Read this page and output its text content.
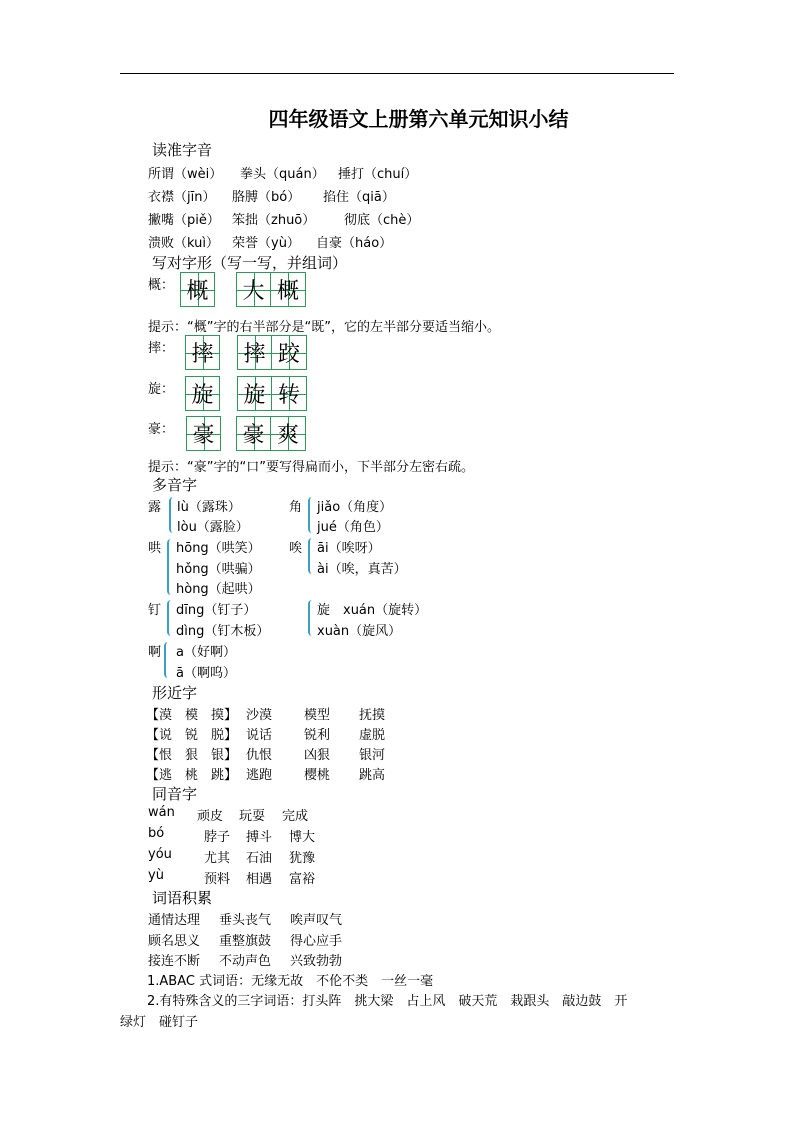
四年级语文上册第六单元知识小结
读准字音
所谓（wèi） 拳头（quán） 捶打（chuí）
衣襟（jīn） 胳膊（bó） 掐住（qiā）
撇嘴（piě） 笨拙（zhuō） 彻底（chè）
溃败（kuì） 荣誉（yù） 自豪（háo）
写对字形（写一写，并组词）
概： 概 大 概
提示：“概”字的右半部分是“既”，它的左半部分要适当缩小。
摔： 摔 摔 跤
旋： 旋 旋 转
豪： 豪 豪 爽
提示：“豪”字的“口”要写得扁而小，下半部分左密右疏。
多音字
露 lù（露珠）
lòu（露脸）
角 jiǎo（角度）
jué（角色）
哄 hōng（哄笑）
hǒng（哄骗）
hòng（起哄）
唉 āi（唉呀）
ài（唉，真苦）
钉 dīng（钉子）
dìng（钉木板）
旋　xuán（旋转）
xuàn（旋风）
啊 a（好啊）
ā（啊呜）
形近字
【漠　模　摸】 沙漠 模型 抚摸
【说　锐　脱】 说话 锐利 虚脱
【恨　狠　银】 仇恨 凶狠 银河
【逃　桃　跳】 逃跑 樱桃 跳高
同音字
wán 顽皮 玩耍 完成
bó	脖子 搏斗 博大
yóu 尤其 石油 犹豫
yù	预料 相遇 富裕
词语积累
通情达理 垂头丧气 唉声叹气
顾名思义 重整旗鼓 得心应手
接连不断 不动声色 兴致勃勃
1.ABAC 式词语：无缘无故　不伦不类　一丝一毫
2.有特殊含义的三字词语：打头阵　挑大梁　占上风　破天荒　栽跟头　敲边鼓　开
绿灯　碰钉子
